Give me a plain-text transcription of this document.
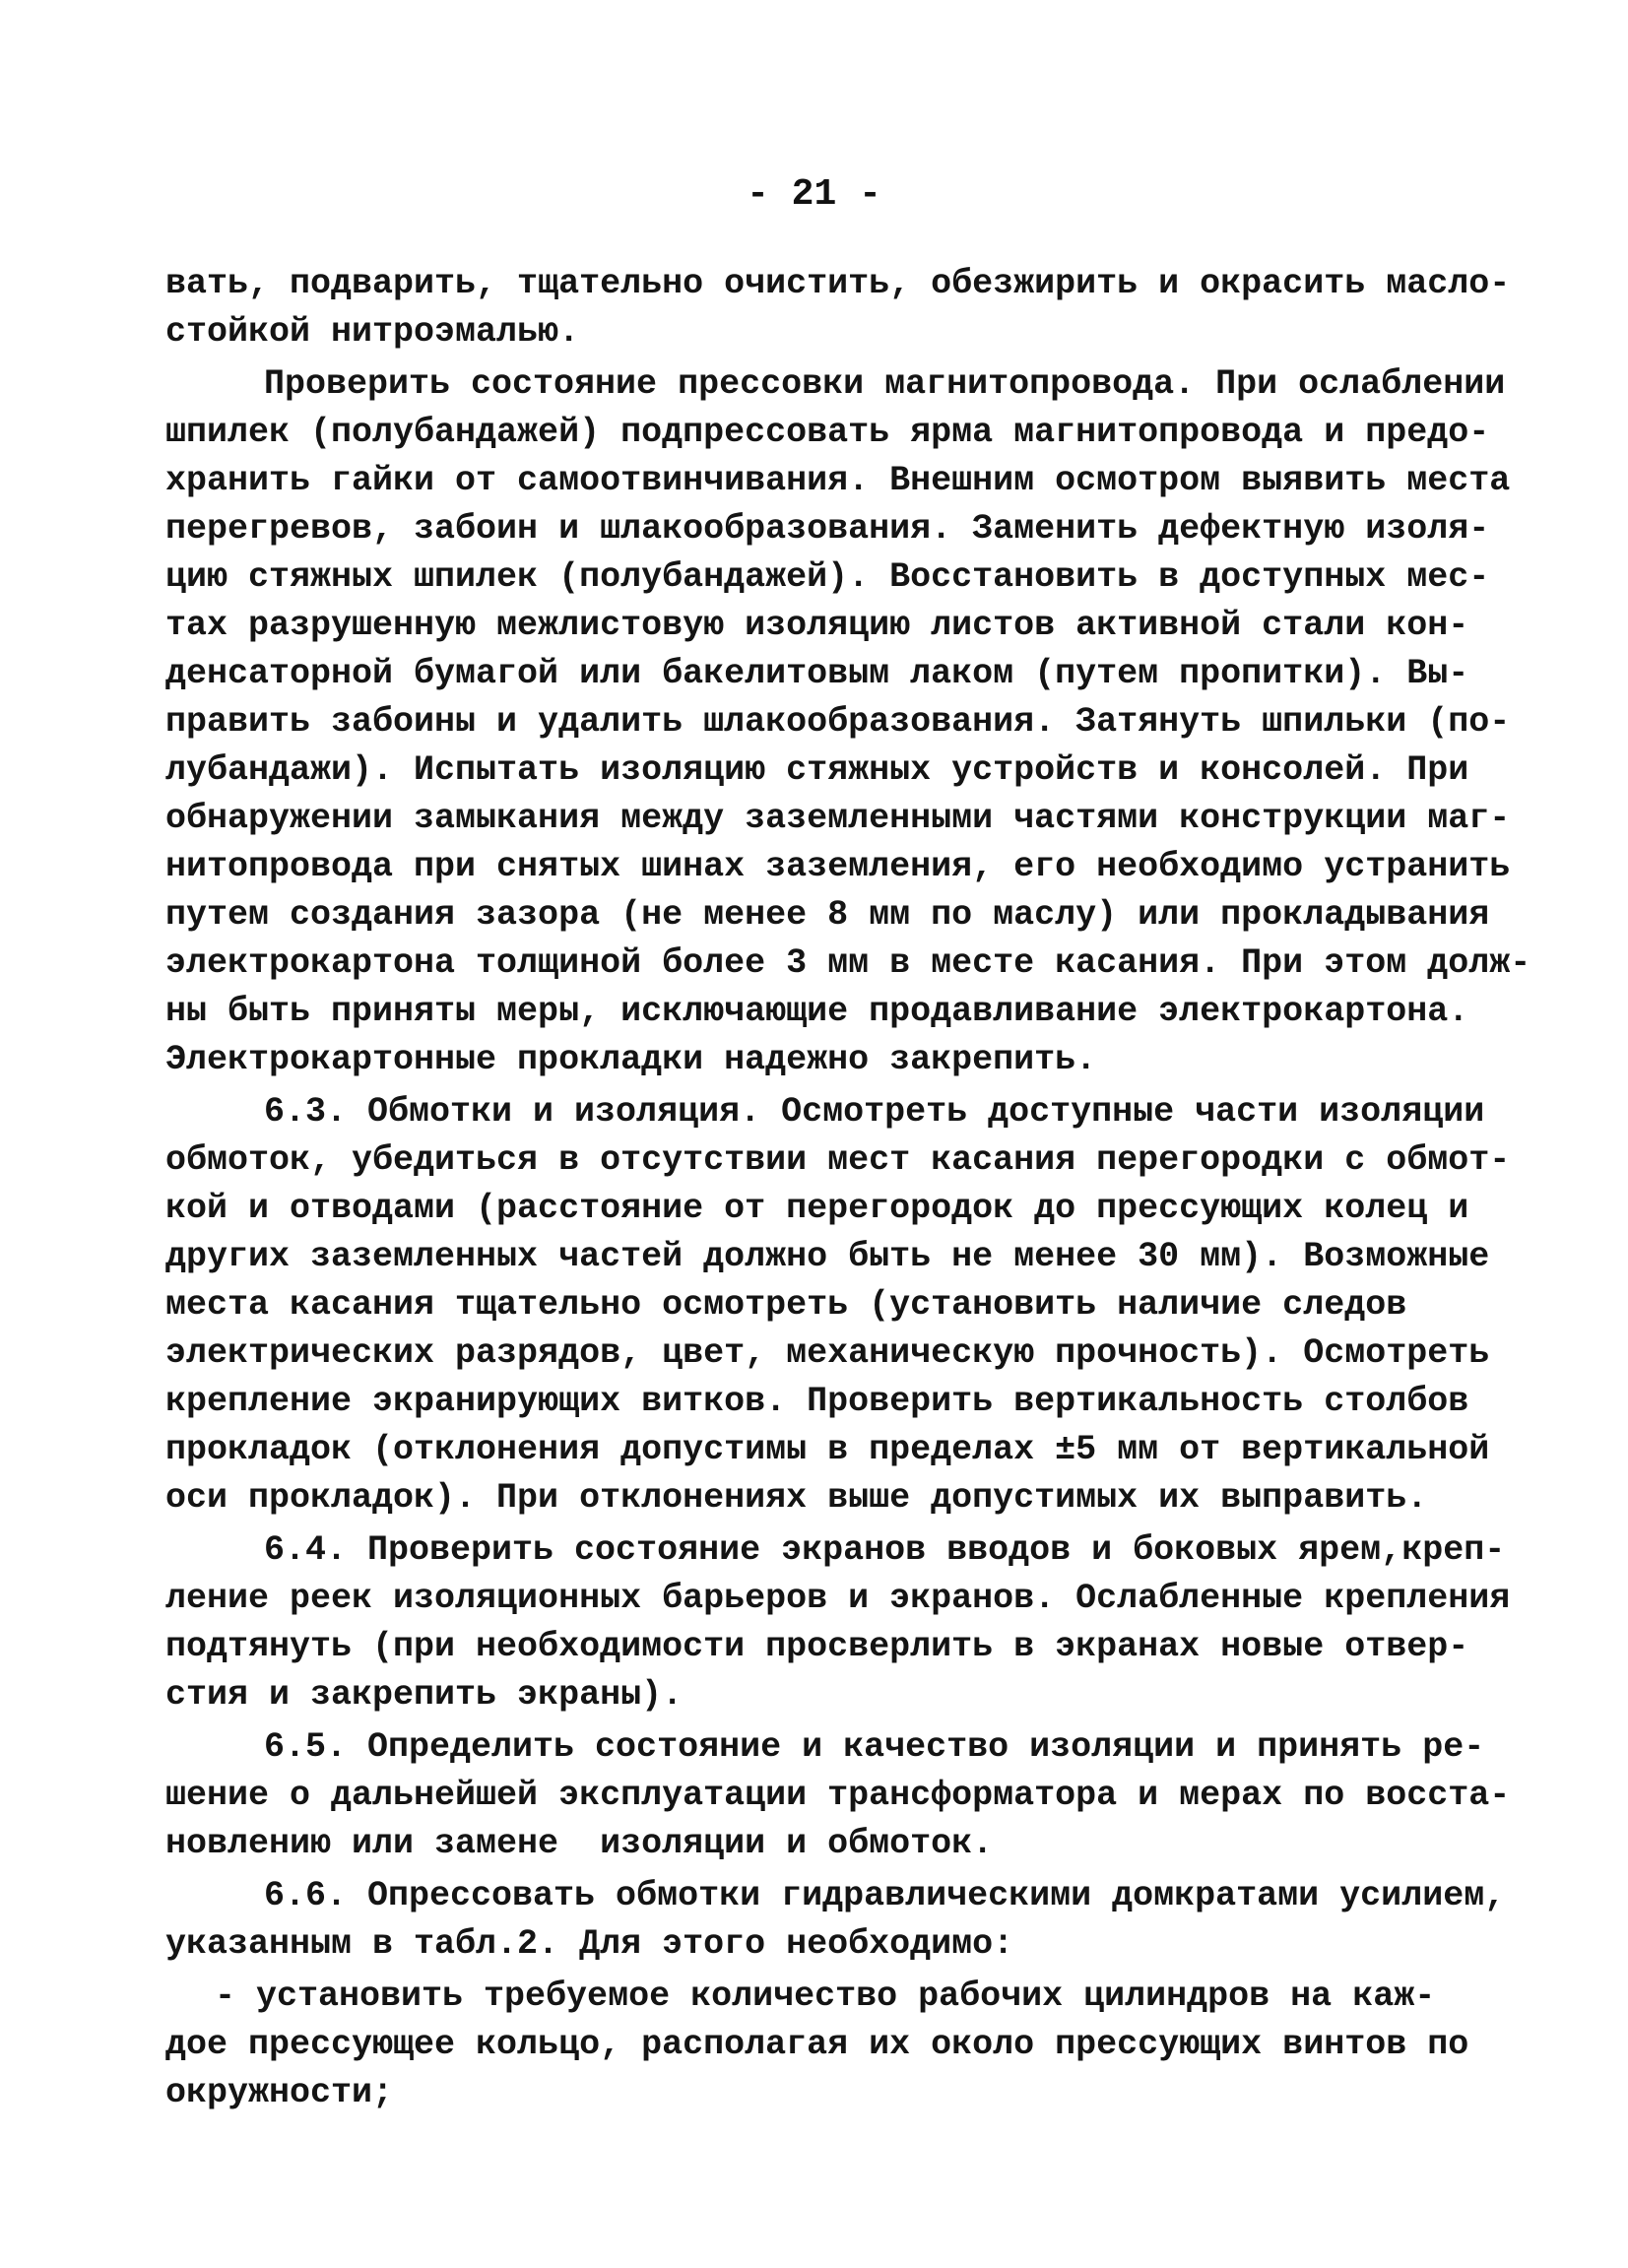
- 21 -
вать, подварить, тщательно очистить, обезжирить и окрасить масло-
стойкой нитроэмалью.
Проверить состояние прессовки магнитопровода. При ослаблении
шпилек (полубандажей) подпрессовать ярма магнитопровода и предо-
хранить гайки от самоотвинчивания. Внешним осмотром выявить места
перегревов, забоин и шлакообразования. Заменить дефектную изоля-
цию стяжных шпилек (полубандажей). Восстановить в доступных мес-
тах разрушенную межлистовую изоляцию листов активной стали кон-
денсаторной бумагой или бакелитовым лаком (путем пропитки). Вы-
править забоины и удалить шлакообразования. Затянуть шпильки (по-
лубандажи). Испытать изоляцию стяжных устройств и консолей. При
обнаружении замыкания между заземленными частями конструкции маг-
нитопровода при снятых шинах заземления, его необходимо устранить
путем создания зазора (не менее 8 мм по маслу) или прокладывания
электрокартона толщиной более 3 мм в месте касания. При этом долж-
ны быть приняты меры, исключающие продавливание электрокартона.
Электрокартонные прокладки надежно закрепить.
6.3. Обмотки и изоляция. Осмотреть доступные части изоляции
обмоток, убедиться в отсутствии мест касания перегородки с обмот-
кой и отводами (расстояние от перегородок до прессующих колец и
других заземленных частей должно быть не менее 30 мм). Возможные
места касания тщательно осмотреть (установить наличие следов
электрических разрядов, цвет, механическую прочность). Осмотреть
крепление экранирующих витков. Проверить вертикальность столбов
прокладок (отклонения допустимы в пределах ±5 мм от вертикальной
оси прокладок). При отклонениях выше допустимых их выправить.
6.4. Проверить состояние экранов вводов и боковых ярем,креп-
ление реек изоляционных барьеров и экранов. Ослабленные крепления
подтянуть (при необходимости просверлить в экранах новые отвер-
стия и закрепить экраны).
6.5. Определить состояние и качество изоляции и принять ре-
шение о дальнейшей эксплуатации трансформатора и мерах по восста-
новлению или замене  изоляции и обмоток.
6.6. Опрессовать обмотки гидравлическими домкратами усилием,
указанным в табл.2. Для этого необходимо:
- установить требуемое количество рабочих цилиндров на каж-
дое прессующее кольцо, располагая их около прессующих винтов по
окружности;
